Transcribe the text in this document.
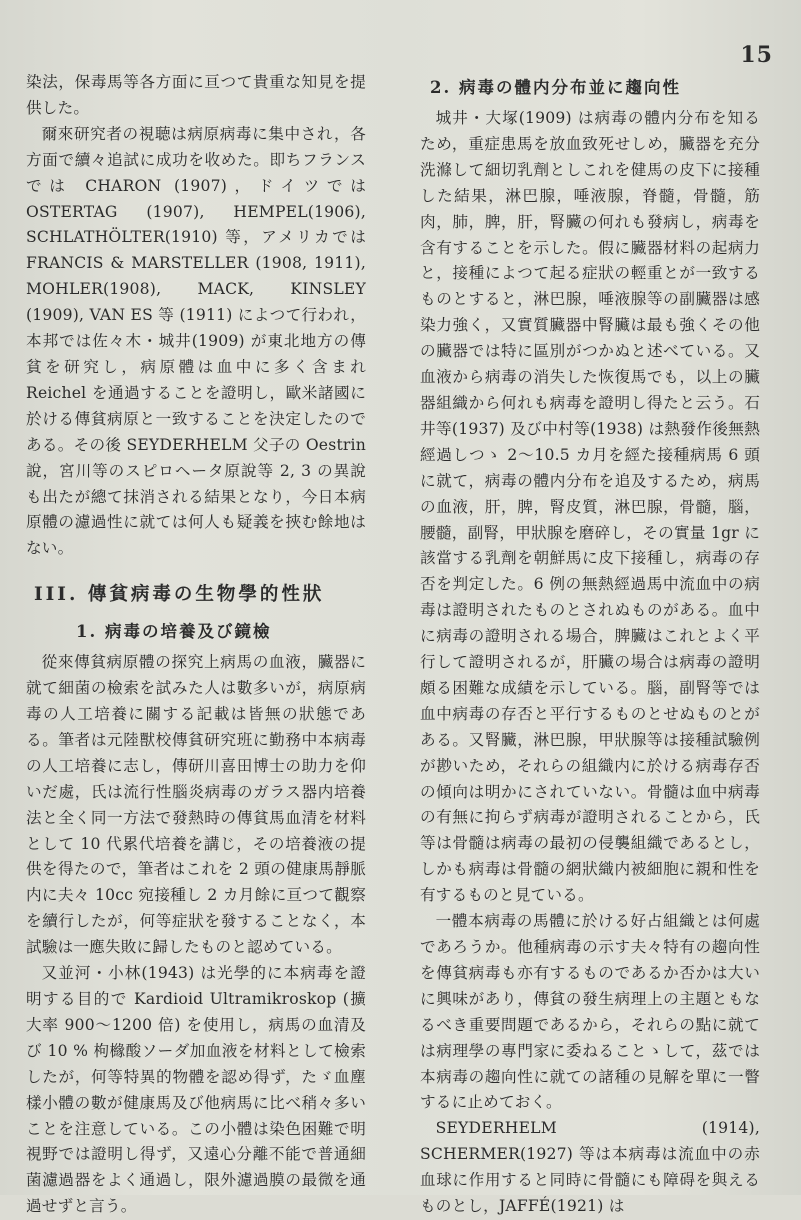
15

染法，保毒馬等各方面に亘つて貴重な知見を提供した。

爾來研究者の視聴は病原病毒に集中され，各方面で續々追試に成功を收めた。即ちフランスでは CHARON (1907)，ドイツでは OSTERTAG (1907), HEMPEL(1906), SCHLATHÖLTER(1910) 等，アメリカでは FRANCIS & MARSTELLER (1908, 1911), MOHLER(1908), MACK, KINSLEY (1909), VAN ES 等 (1911) によつて行われ，本邦では佐々木・城井(1909) が東北地方の傳貧を研究し，病原體は血中に多く含まれ Reichel を通過することを證明し，歐米諸國に於ける傳貧病原と一致することを決定したのである。その後 SEYDERHELM 父子の Oestrin 說，宮川等のスピロヘータ原說等 2, 3 の異說も出たが總て抹消される結果となり，今日本病原體の濾過性に就ては何人も疑義を挾む餘地はない。

III. 傳貧病毒の生物學的性狀
1. 病毒の培養及び鏡檢

從來傳貧病原體の探究上病馬の血液，臟器に就て細菌の檢索を試みた人は數多いが，病原病毒の人工培養に關する記載は皆無の狀態である。筆者は元陸獸校傳貧研究班に勤務中本病毒の人工培養に志し，傳研川喜田博士の助力を仰いだ處，氏は流行性腦炎病毒のガラス器内培養法と全く同一方法で發熱時の傳貧馬血清を材料として 10 代累代培養を講じ，その培養液の提供を得たので，筆者はこれを 2 頭の健康馬靜脈内に夫々 10cc 宛接種し 2 カ月餘に亘つて觀察を續行したが，何等症狀を發することなく，本試驗は一應失敗に歸したものと認めている。

又並河・小林(1943) は光學的に本病毒を證明する目的で Kardioid Ultramikroskop (擴大率 900〜1200 倍) を使用し，病馬の血清及び 10 % 枸櫞酸ソーダ加血液を材料として檢索したが，何等特異的物體を認め得ず，たゞ血塵樣小體の數が健康馬及び他病馬に比べ稍々多いことを注意している。この小體は染色困難で明視野では證明し得ず，又遠心分離不能で普通細菌濾過器をよく通過し，限外濾過膜の最微を通過せずと言う。

2. 病毒の體内分布並に趨向性

城井・大塚(1909) は病毒の體内分布を知るため，重症患馬を放血致死せしめ，臟器を充分洗滌して細切乳劑としこれを健馬の皮下に接種した結果，淋巴腺，唾液腺，脊髓，骨髓，筋肉，肺，脾，肝，腎臟の何れも發病し，病毒を含有することを示した。假に臟器材料の起病力と，接種によつて起る症狀の輕重とが一致するものとすると，淋巴腺，唾液腺等の副臟器は感染力強く，又實質臟器中腎臟は最も強くその他の臟器では特に區別がつかぬと述べている。又血液から病毒の消失した恢復馬でも，以上の臟器組織から何れも病毒を證明し得たと云う。石井等(1937) 及び中村等(1938) は熱發作後無熱經過しつゝ 2〜10.5 カ月を經た接種病馬 6 頭に就て，病毒の體内分布を追及するため，病馬の血液，肝，脾，腎皮質，淋巴腺，骨髓，腦，腰髓，副腎，甲狀腺を磨碎し，その實量 1gr に該當する乳劑を朝鮮馬に皮下接種し，病毒の存否を判定した。6 例の無熱經過馬中流血中の病毒は證明されたものとされぬものがある。血中に病毒の證明される場合，脾臟はこれとよく平行して證明されるが，肝臟の場合は病毒の證明頗る困難な成績を示している。腦，副腎等では血中病毒の存否と平行するものとせぬものとがある。又腎臟，淋巴腺，甲狀腺等は接種試驗例が尠いため，それらの組織内に於ける病毒存否の傾向は明かにされていない。骨髓は血中病毒の有無に拘らず病毒が證明されることから，氏等は骨髓は病毒の最初の侵襲組織であるとし，しかも病毒は骨髓の網狀織内被細胞に親和性を有するものと見ている。

一體本病毒の馬體に於ける好占組織とは何處であろうか。他種病毒の示す夫々特有の趨向性を傳貧病毒も亦有するものであるか否かは大いに興味があり，傳貧の發生病理上の主題ともなるべき重要問題であるから，それらの點に就ては病理學の專門家に委ねることゝして，茲では本病毒の趨向性に就ての諸種の見解を單に一瞥するに止めておく。

SEYDERHELM (1914), SCHERMER(1927) 等は本病毒は流血中の赤血球に作用すると同時に骨髓にも障碍を與えるものとし，JAFFÉ(1921) は
